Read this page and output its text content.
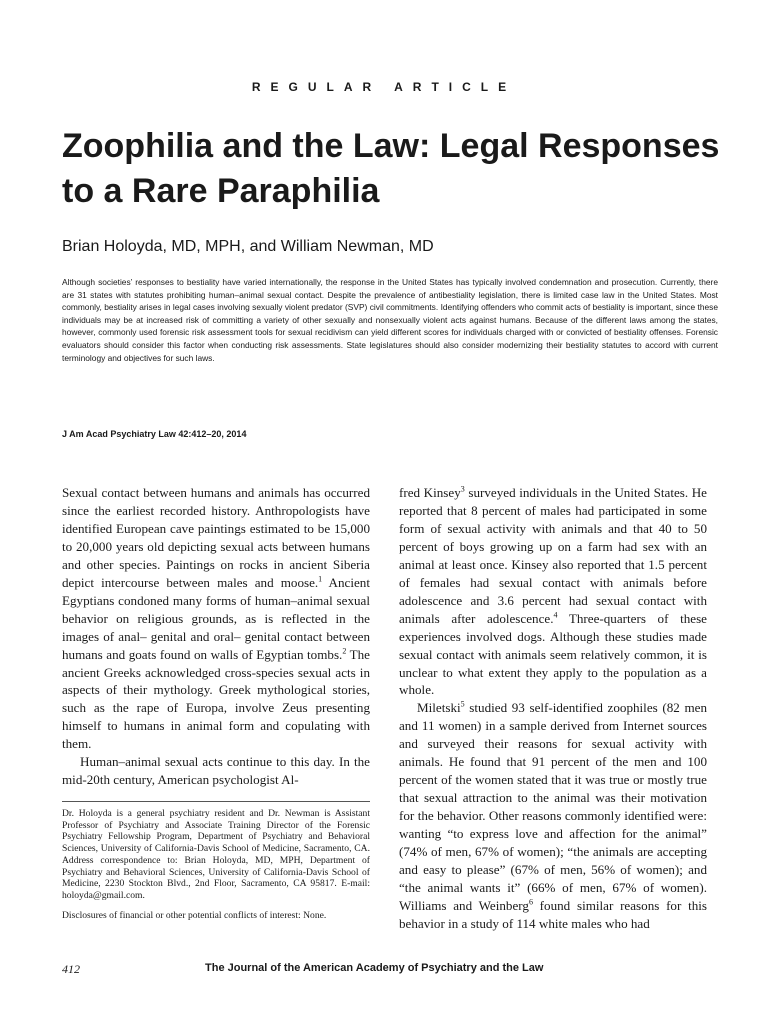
REGULAR ARTICLE
Zoophilia and the Law: Legal Responses to a Rare Paraphilia
Brian Holoyda, MD, MPH, and William Newman, MD

Although societies’ responses to bestiality have varied internationally, the response in the United States has typically involved condemnation and prosecution. Currently, there are 31 states with statutes prohibiting human–animal sexual contact. Despite the prevalence of antibestiality legislation, there is limited case law in the United States. Most commonly, bestiality arises in legal cases involving sexually violent predator (SVP) civil commitments. Identifying offenders who commit acts of bestiality is important, since these individuals may be at increased risk of committing a variety of other sexually and nonsexually violent acts against humans. Because of the different laws among the states, however, commonly used forensic risk assessment tools for sexual recidivism can yield different scores for individuals charged with or convicted of bestiality offenses. Forensic evaluators should consider this factor when conducting risk assessments. State legislatures should also consider modernizing their bestiality statutes to accord with current terminology and objectives for such laws.

J Am Acad Psychiatry Law 42:412–20, 2014

Sexual contact between humans and animals has occurred since the earliest recorded history. Anthropologists have identified European cave paintings estimated to be 15,000 to 20,000 years old depicting sexual acts between humans and other species. Paintings on rocks in ancient Siberia depict intercourse between males and moose.$^1$ Ancient Egyptians condoned many forms of human–animal sexual behavior on religious grounds, as is reflected in the images of anal– genital and oral– genital contact between humans and goats found on walls of Egyptian tombs.$^2$ The ancient Greeks acknowledged cross-species sexual acts in aspects of their mythology. Greek mythological stories, such as the rape of Europa, involve Zeus presenting himself to humans in animal form and copulating with them.

Human–animal sexual acts continue to this day. In the mid-20th century, American psychologist Al-

Dr. Holoyda is a general psychiatry resident and Dr. Newman is Assistant Professor of Psychiatry and Associate Training Director of the Forensic Psychiatry Fellowship Program, Department of Psychiatry and Behavioral Sciences, University of California-Davis School of Medicine, Sacramento, CA. Address correspondence to: Brian Holoyda, MD, MPH, Department of Psychiatry and Behavioral Sciences, University of California-Davis School of Medicine, 2230 Stockton Blvd., 2nd Floor, Sacramento, CA 95817. E-mail: holoyda@gmail.com.

Disclosures of financial or other potential conflicts of interest: None.

fred Kinsey$^3$ surveyed individuals in the United States. He reported that 8 percent of males had participated in some form of sexual activity with animals and that 40 to 50 percent of boys growing up on a farm had sex with an animal at least once. Kinsey also reported that 1.5 percent of females had sexual contact with animals before adolescence and 3.6 percent had sexual contact with animals after adolescence.$^4$ Three-quarters of these experiences involved dogs. Although these studies made sexual contact with animals seem relatively common, it is unclear to what extent they apply to the population as a whole.

Miletski$^5$ studied 93 self-identified zoophiles (82 men and 11 women) in a sample derived from Internet sources and surveyed their reasons for sexual activity with animals. He found that 91 percent of the men and 100 percent of the women stated that it was true or mostly true that sexual attraction to the animal was their motivation for the behavior. Other reasons commonly identified were: wanting “to express love and affection for the animal” (74% of men, 67% of women); “the animals are accepting and easy to please” (67% of men, 56% of women); and “the animal wants it” (66% of men, 67% of women). Williams and Weinberg$^6$ found similar reasons for this behavior in a study of 114 white males who had

412	The Journal of the American Academy of Psychiatry and the Law
